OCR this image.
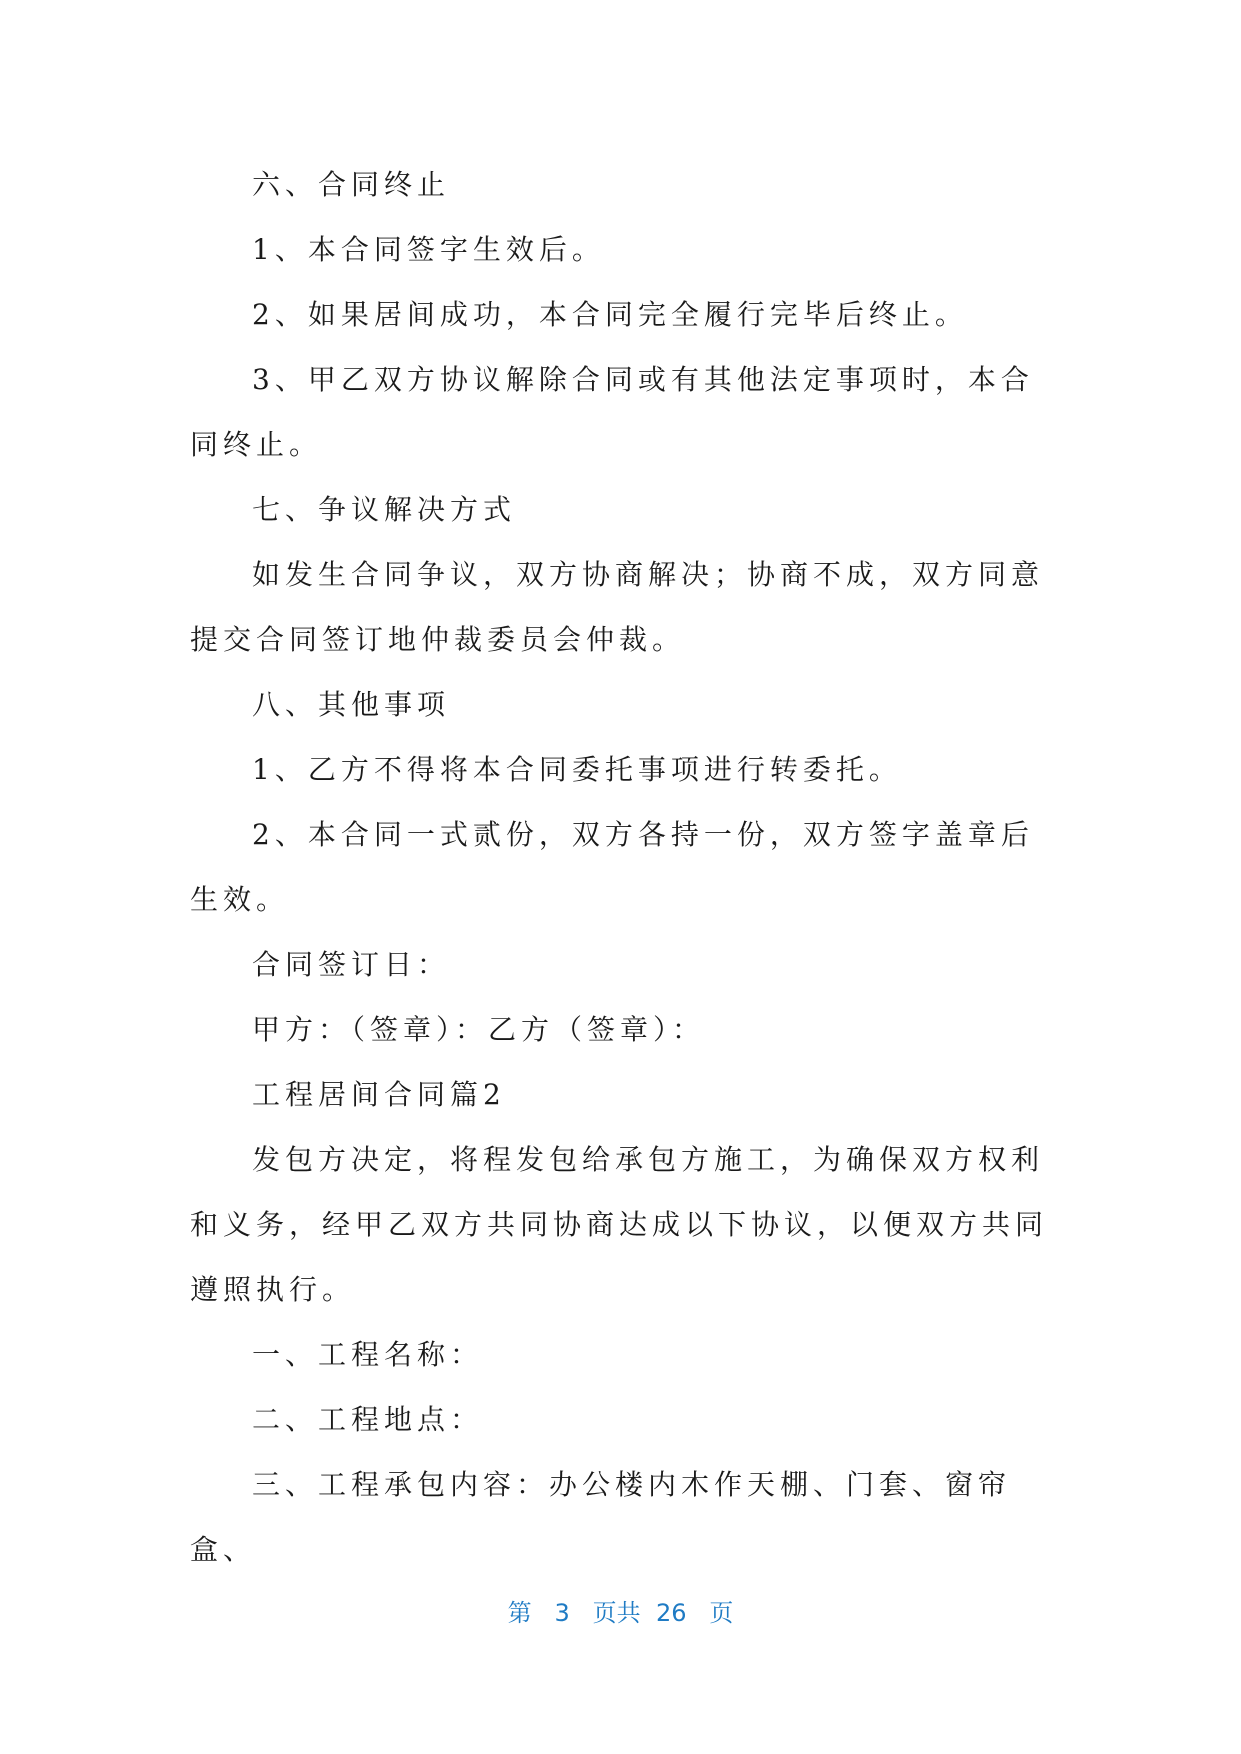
六、合同终止

1、本合同签字生效后。

2、如果居间成功，本合同完全履行完毕后终止。

3、甲乙双方协议解除合同或有其他法定事项时，本合同终止。

七、争议解决方式

如发生合同争议，双方协商解决；协商不成，双方同意提交合同签订地仲裁委员会仲裁。

八、其他事项

1、乙方不得将本合同委托事项进行转委托。

2、本合同一式贰份，双方各持一份，双方签字盖章后生效。

合同签订日：

甲方：（签章）：乙方（签章）：

工程居间合同篇2

发包方决定，将程发包给承包方施工，为确保双方权利和义务，经甲乙双方共同协商达成以下协议，以便双方共同遵照执行。

一、工程名称：

二、工程地点：

三、工程承包内容：办公楼内木作天棚、门套、窗帘盒、

第 3 页共 26 页
